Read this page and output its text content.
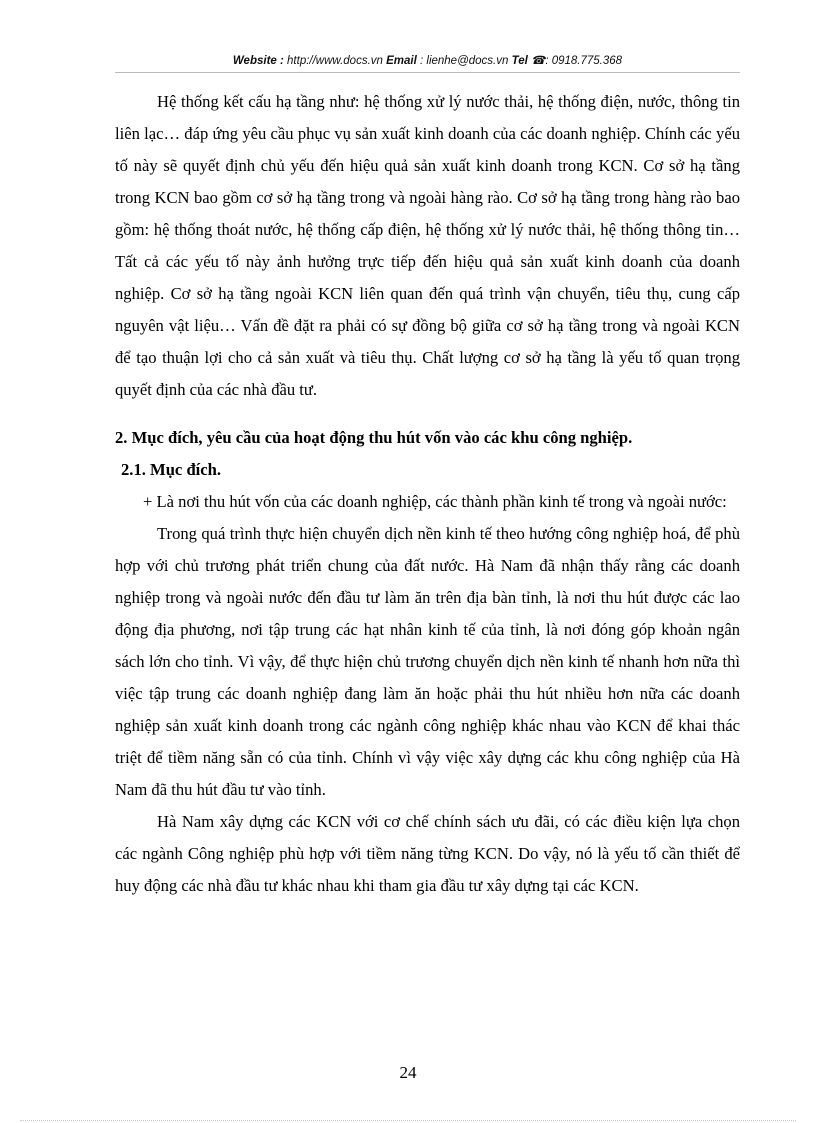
Website : http://www.docs.vn Email : lienhe@docs.vn Tel ☎: 0918.775.368

Hệ thống kết cấu hạ tầng như: hệ thống xử lý nước thải, hệ thống điện, nước, thông tin liên lạc… đáp ứng yêu cầu phục vụ sản xuất kinh doanh của các doanh nghiệp. Chính các yếu tố này sẽ quyết định chủ yếu đến hiệu quả sản xuất kinh doanh trong KCN. Cơ sở hạ tầng trong KCN bao gồm cơ sở hạ tầng trong và ngoài hàng rào. Cơ sở hạ tầng trong hàng rào bao gồm: hệ thống thoát nước, hệ thống cấp điện, hệ thống xử lý nước thải, hệ thống thông tin… Tất cả các yếu tố này ảnh hưởng trực tiếp đến hiệu quả sản xuất kinh doanh của doanh nghiệp. Cơ sở hạ tầng ngoài KCN liên quan đến quá trình vận chuyển, tiêu thụ, cung cấp nguyên vật liệu… Vấn đề đặt ra phải có sự đồng bộ giữa cơ sở hạ tầng trong và ngoài KCN để tạo thuận lợi cho cả sản xuất và tiêu thụ. Chất lượng cơ sở hạ tầng là yếu tố quan trọng quyết định của các nhà đầu tư.

2. Mục đích, yêu cầu của hoạt động thu hút vốn vào các khu công nghiệp.

2.1. Mục đích.

+ Là nơi thu hút vốn của các doanh nghiệp, các thành phần kinh tế trong và ngoài nước:

Trong quá trình thực hiện chuyển dịch nền kinh tế theo hướng công nghiệp hoá, để phù hợp với chủ trương phát triển chung của đất nước. Hà Nam đã nhận thấy rằng các doanh nghiệp trong và ngoài nước đến đầu tư làm ăn trên địa bàn tỉnh, là nơi thu hút được các lao động địa phương, nơi tập trung các hạt nhân kinh tế của tỉnh, là nơi đóng góp khoản ngân sách lớn cho tỉnh. Vì vậy, để thực hiện chủ trương chuyển dịch nền kinh tế nhanh hơn nữa thì việc tập trung các doanh nghiệp đang làm ăn hoặc phải thu hút nhiều hơn nữa các doanh nghiệp sản xuất kinh doanh trong các ngành công nghiệp khác nhau vào KCN để khai thác triệt để tiềm năng sẵn có của tỉnh. Chính vì vậy việc xây dựng các khu công nghiệp của Hà Nam đã thu hút đầu tư vào tỉnh.

Hà Nam xây dựng các KCN với cơ chế chính sách ưu đãi, có các điều kiện lựa chọn các ngành Công nghiệp phù hợp với tiềm năng từng KCN. Do vậy, nó là yếu tố cần thiết để huy động các nhà đầu tư khác nhau khi tham gia đầu tư xây dựng tại các KCN.

24
